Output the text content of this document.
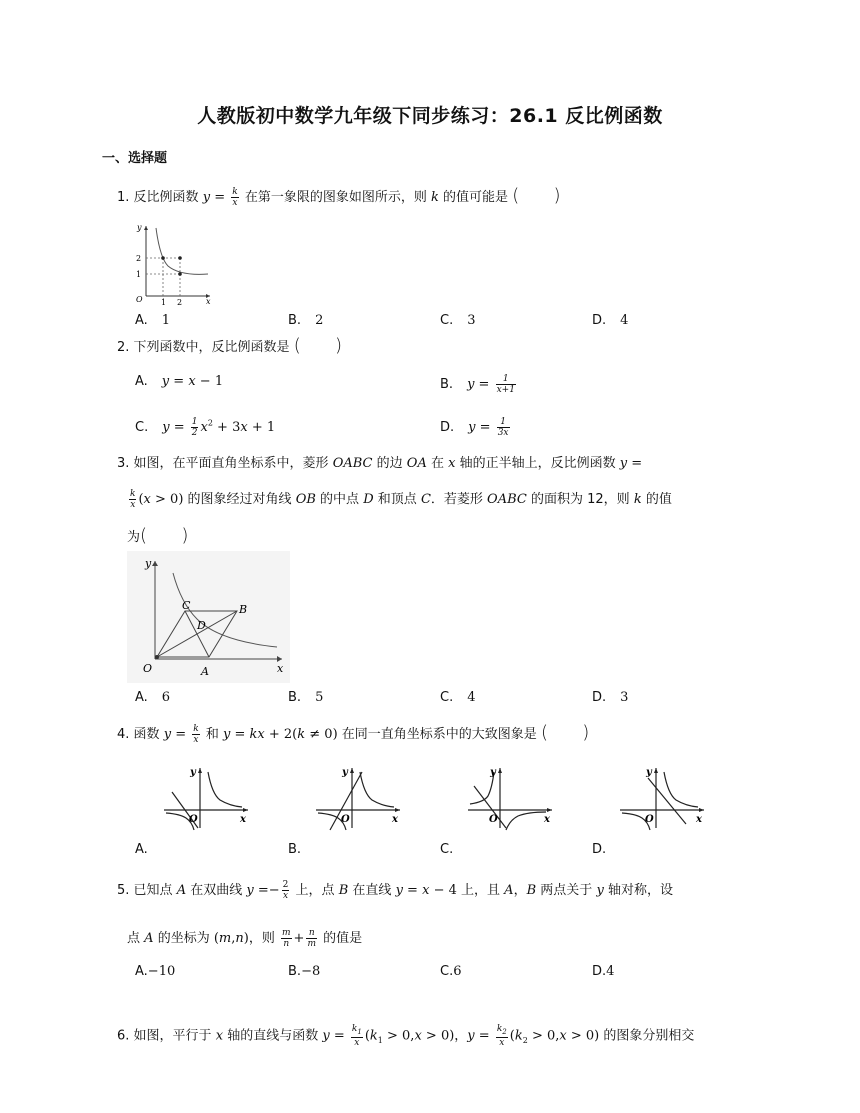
人教版初中数学九年级下同步练习：26.1 反比例函数
一、选择题
1. 反比例函数 $y = \frac{k}{x}$ 在第一象限的图象如图所示，则 k 的值可能是 (      )
y
2
1
O 1 2	x
A. 1	B. 2	C. 3	D. 4
2. 下列函数中，反比例函数是 (      )
A. y = x − 1	B. $y = \frac{1}{x+1}$
C. $y = \frac{1}{2} x^2 + 3x + 1$	D. $y = \frac{1}{3x}$
3. 如图，在平面直角坐标系中，菱形 OABC 的边 OA 在 x 轴的正半轴上，反比例函数 y =
$\frac{k}{x} (x > 0)$ 的图象经过对角线 OB 的中点 D 和顶点 C．若菱形 OABC 的面积为 12，则 k 的值
为(      )
y
x
O	A
B
C
D
A. 6	B. 5	C. 4	D. 3
4. 函数 $y = \frac{k}{x}$ 和 y = kx + 2(k ≠ 0) 在同一直角坐标系中的大致图象是 (      )
y
x
O
y
x
O
y
x
O
y
x
O
A.	B.	C.	D.
5. 已知点 A 在双曲线 $y =- \frac{2}{x}$ 上，点 B 在直线 y = x − 4 上，且 A，B 两点关于 y 轴对称，设
点 A 的坐标为 (m,n)，则 $\frac{m}{n} + \frac{n}{m}$ 的值是
A.−10	B.−8	C.6	D.4
6. 如图，平行于 x 轴的直线与函数 $y = \frac{k_1}{x} (k_1 > 0,x > 0)$，$y = \frac{k_2}{x} (k_2 > 0,x > 0)$ 的图象分别相交
